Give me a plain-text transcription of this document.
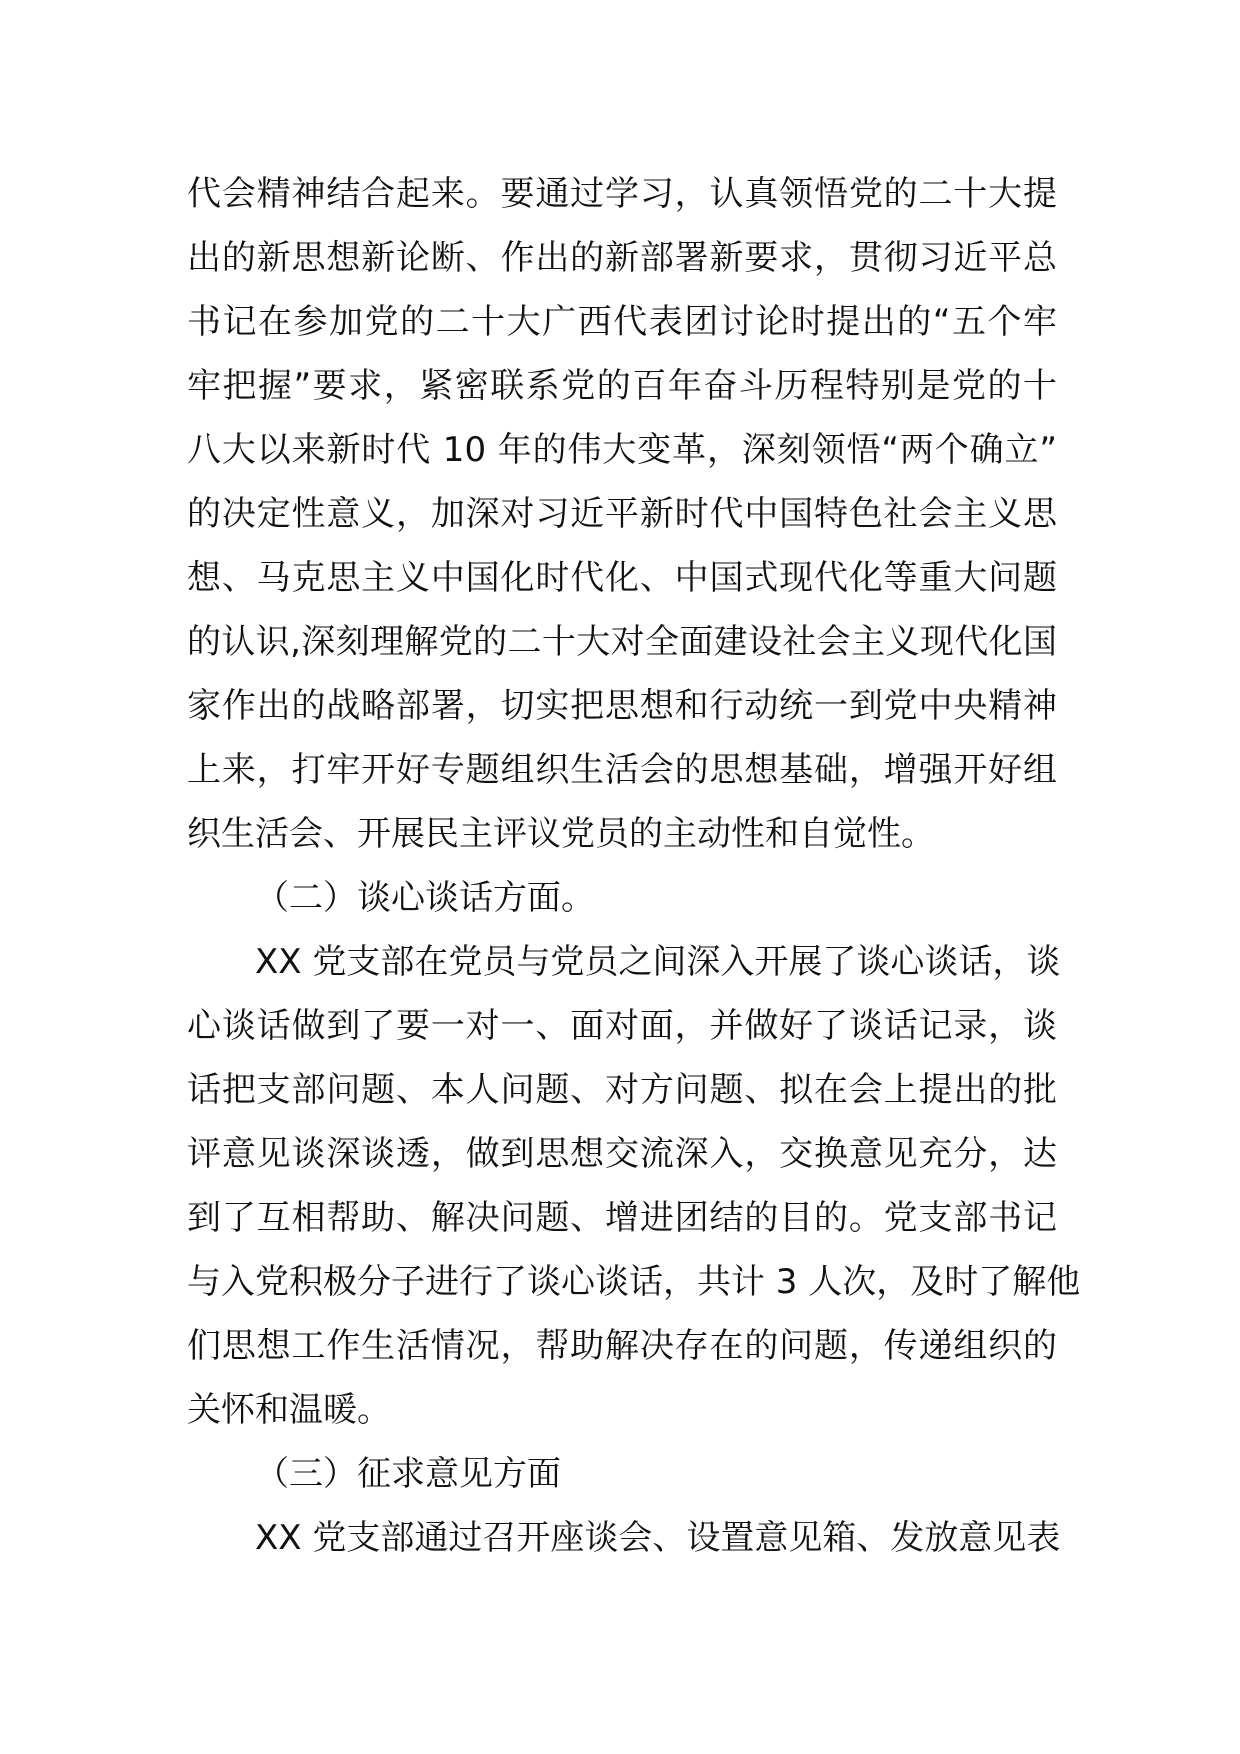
代会精神结合起来。要通过学习，认真领悟党的二十大提
出的新思想新论断、作出的新部署新要求，贯彻习近平总
书记在参加党的二十大广西代表团讨论时提出的“五个牢
牢把握”要求，紧密联系党的百年奋斗历程特别是党的十
八大以来新时代 10 年的伟大变革，深刻领悟“两个确立”
的决定性意义，加深对习近平新时代中国特色社会主义思
想、马克思主义中国化时代化、中国式现代化等重大问题
的认识,深刻理解党的二十大对全面建设社会主义现代化国
家作出的战略部署，切实把思想和行动统一到党中央精神
上来，打牢开好专题组织生活会的思想基础，增强开好组
织生活会、开展民主评议党员的主动性和自觉性。
（二）谈心谈话方面。
XX 党支部在党员与党员之间深入开展了谈心谈话，谈
心谈话做到了要一对一、面对面，并做好了谈话记录，谈
话把支部问题、本人问题、对方问题、拟在会上提出的批
评意见谈深谈透，做到思想交流深入，交换意见充分，达
到了互相帮助、解决问题、增进团结的目的。党支部书记
与入党积极分子进行了谈心谈话，共计 3 人次，及时了解他
们思想工作生活情况，帮助解决存在的问题，传递组织的
关怀和温暖。
（三）征求意见方面
XX 党支部通过召开座谈会、设置意见箱、发放意见表
